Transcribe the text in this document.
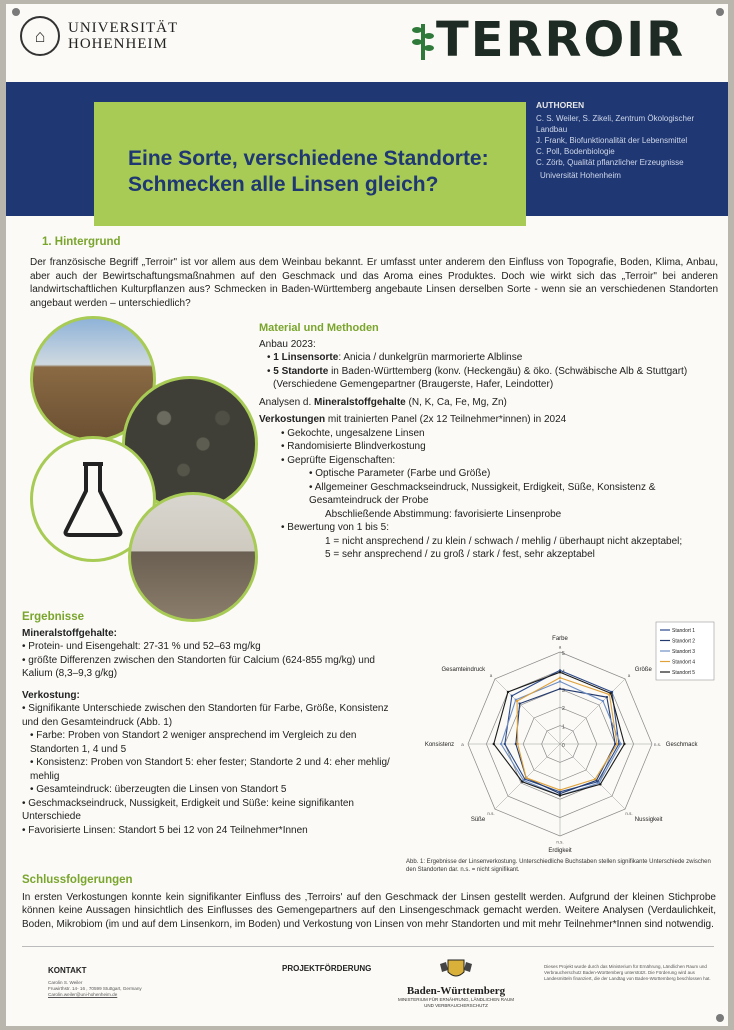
⌂	UNIVERSITÄT
HOHENHEIM	TERROIR
Eine Sorte, verschiedene Standorte:
Schmecken alle Linsen gleich?
AUTHOREN
C. S. Weiler, S. Zikeli, Zentrum Ökologischer
Landbau
J. Frank, Biofunktionalität der Lebensmittel
C. Poll, Bodenbiologie
C. Zörb, Qualität pflanzlicher Erzeugnisse
Universität Hohenheim
1. Hintergrund
Der französische Begriff „Terroir" ist vor allem aus dem Weinbau bekannt. Er umfasst unter anderem den Einfluss von Topografie, Boden, Klima, Anbau, aber auch der Bewirtschaftungsmaßnahmen auf den Geschmack und das Aroma eines Produktes. Doch wie wirkt sich das „Terroir" bei anderen landwirtschaftlichen Kulturpflanzen aus? Schmecken in Baden-Württemberg angebaute Linsen derselben Sorte - wenn sie an verschiedenen Standorten angebaut werden – unterschiedlich?
Material und Methoden
Anbau 2023:
• 1 Linsensorte: Anicia / dunkelgrün marmorierte Alblinse
• 5 Standorte in Baden-Württemberg (konv. (Heckengäu) & öko. (Schwäbische Alb & Stuttgart)
(Verschiedene Gemengepartner (Braugerste, Hafer, Leindotter)
Analysen d. Mineralstoffgehalte (N, K, Ca, Fe, Mg, Zn)
Verkostungen mit trainierten Panel (2x 12 Teilnehmer*innen) in 2024
• Gekochte, ungesalzene Linsen
• Randomisierte Blindverkostung
• Geprüfte Eigenschaften:
• Optische Parameter (Farbe und Größe)
• Allgemeiner Geschmackseindruck, Nussigkeit, Erdigkeit, Süße, Konsistenz & Gesamteindruck der Probe
Abschließende Abstimmung: favorisierte Linsenprobe
• Bewertung von 1 bis 5:
1 = nicht ansprechend / zu klein / schwach / mehlig / überhaupt nicht akzeptabel;
5 = sehr ansprechend / zu groß / stark / fest, sehr akzeptabel
Ergebnisse
Mineralstoffgehalte:
• Protein- und Eisengehalt: 27-31 % und 52–63 mg/kg
• größte Differenzen zwischen den Standorten für Calcium (624-855 mg/kg) und Kalium (8,3–9,3 g/kg)
Verkostung:
• Signifikante Unterschiede zwischen den Standorten für Farbe, Größe, Konsistenz und den Gesamteindruck (Abb. 1)
• Farbe: Proben von Standort 2 weniger ansprechend im Vergleich zu den Standorten 1, 4 und 5
• Konsistenz: Proben von Standort 5: eher fester; Standorte 2 und 4: eher mehlig/ mehlig
• Gesamteindruck: überzeugten die Linsen von Standort 5
• Geschmackseindruck, Nussigkeit, Erdigkeit und Süße: keine signifikanten Unterschiede
• Favorisierte Linsen: Standort 5 bei 12 von 24 Teilnehmer*Innen
0
1
2
3
4
5
Farbe
a
Größe
a
Geschmack
n.s.
Nussigkeit
n.s.
Erdigkeit
n.s.
Süße
n.s.
Konsistenz a
Gesamteindruck
a
Standort 1
Standort 2
Standort 3
Standort 4
Standort 5
Abb. 1: Ergebnisse der Linsenverkostung. Unterschiedliche Buchstaben stellen signifikante Unterschiede zwischen den Standorten dar. n.s. = nicht signifikant.
Schlussfolgerungen
In ersten Verkostungen konnte kein signifikanter Einfluss des ‚Terroirs' auf den Geschmack der Linsen gestellt werden. Aufgrund der kleinen Stichprobe können keine Aussagen hinsichtlich des Einflusses des Gemengepartners auf den Linsengeschmack gemacht werden. Weitere Analysen (Verdaulichkeit, Boden, Mikrobiom (im und auf dem Linsenkorn, im Boden) und Verkostung von Linsen von mehr Standorten und mit mehr Teilnehmer*Innen sind notwendig.
KONTAKT
Carolin S. Weiler
Fruwirthstr. 14- 16 , 70599 Stuttgart, Germany
Carolin.weiler@uni-hohenheim.de
PROJEKTFÖRDERUNG
Baden-Württemberg
MINISTERIUM FÜR ERNÄHRUNG, LÄNDLICHEN RAUM
UND VERBRAUCHERSCHUTZ
Dieses Projekt wurde durch das Ministerium für Ernährung, Ländlichen Raum und Verbraucherschutz Baden-Württemberg unterstützt. Die Förderung wird aus Landesmitteln finanziert, die der Landtag von Baden-Württemberg beschlossen hat.
